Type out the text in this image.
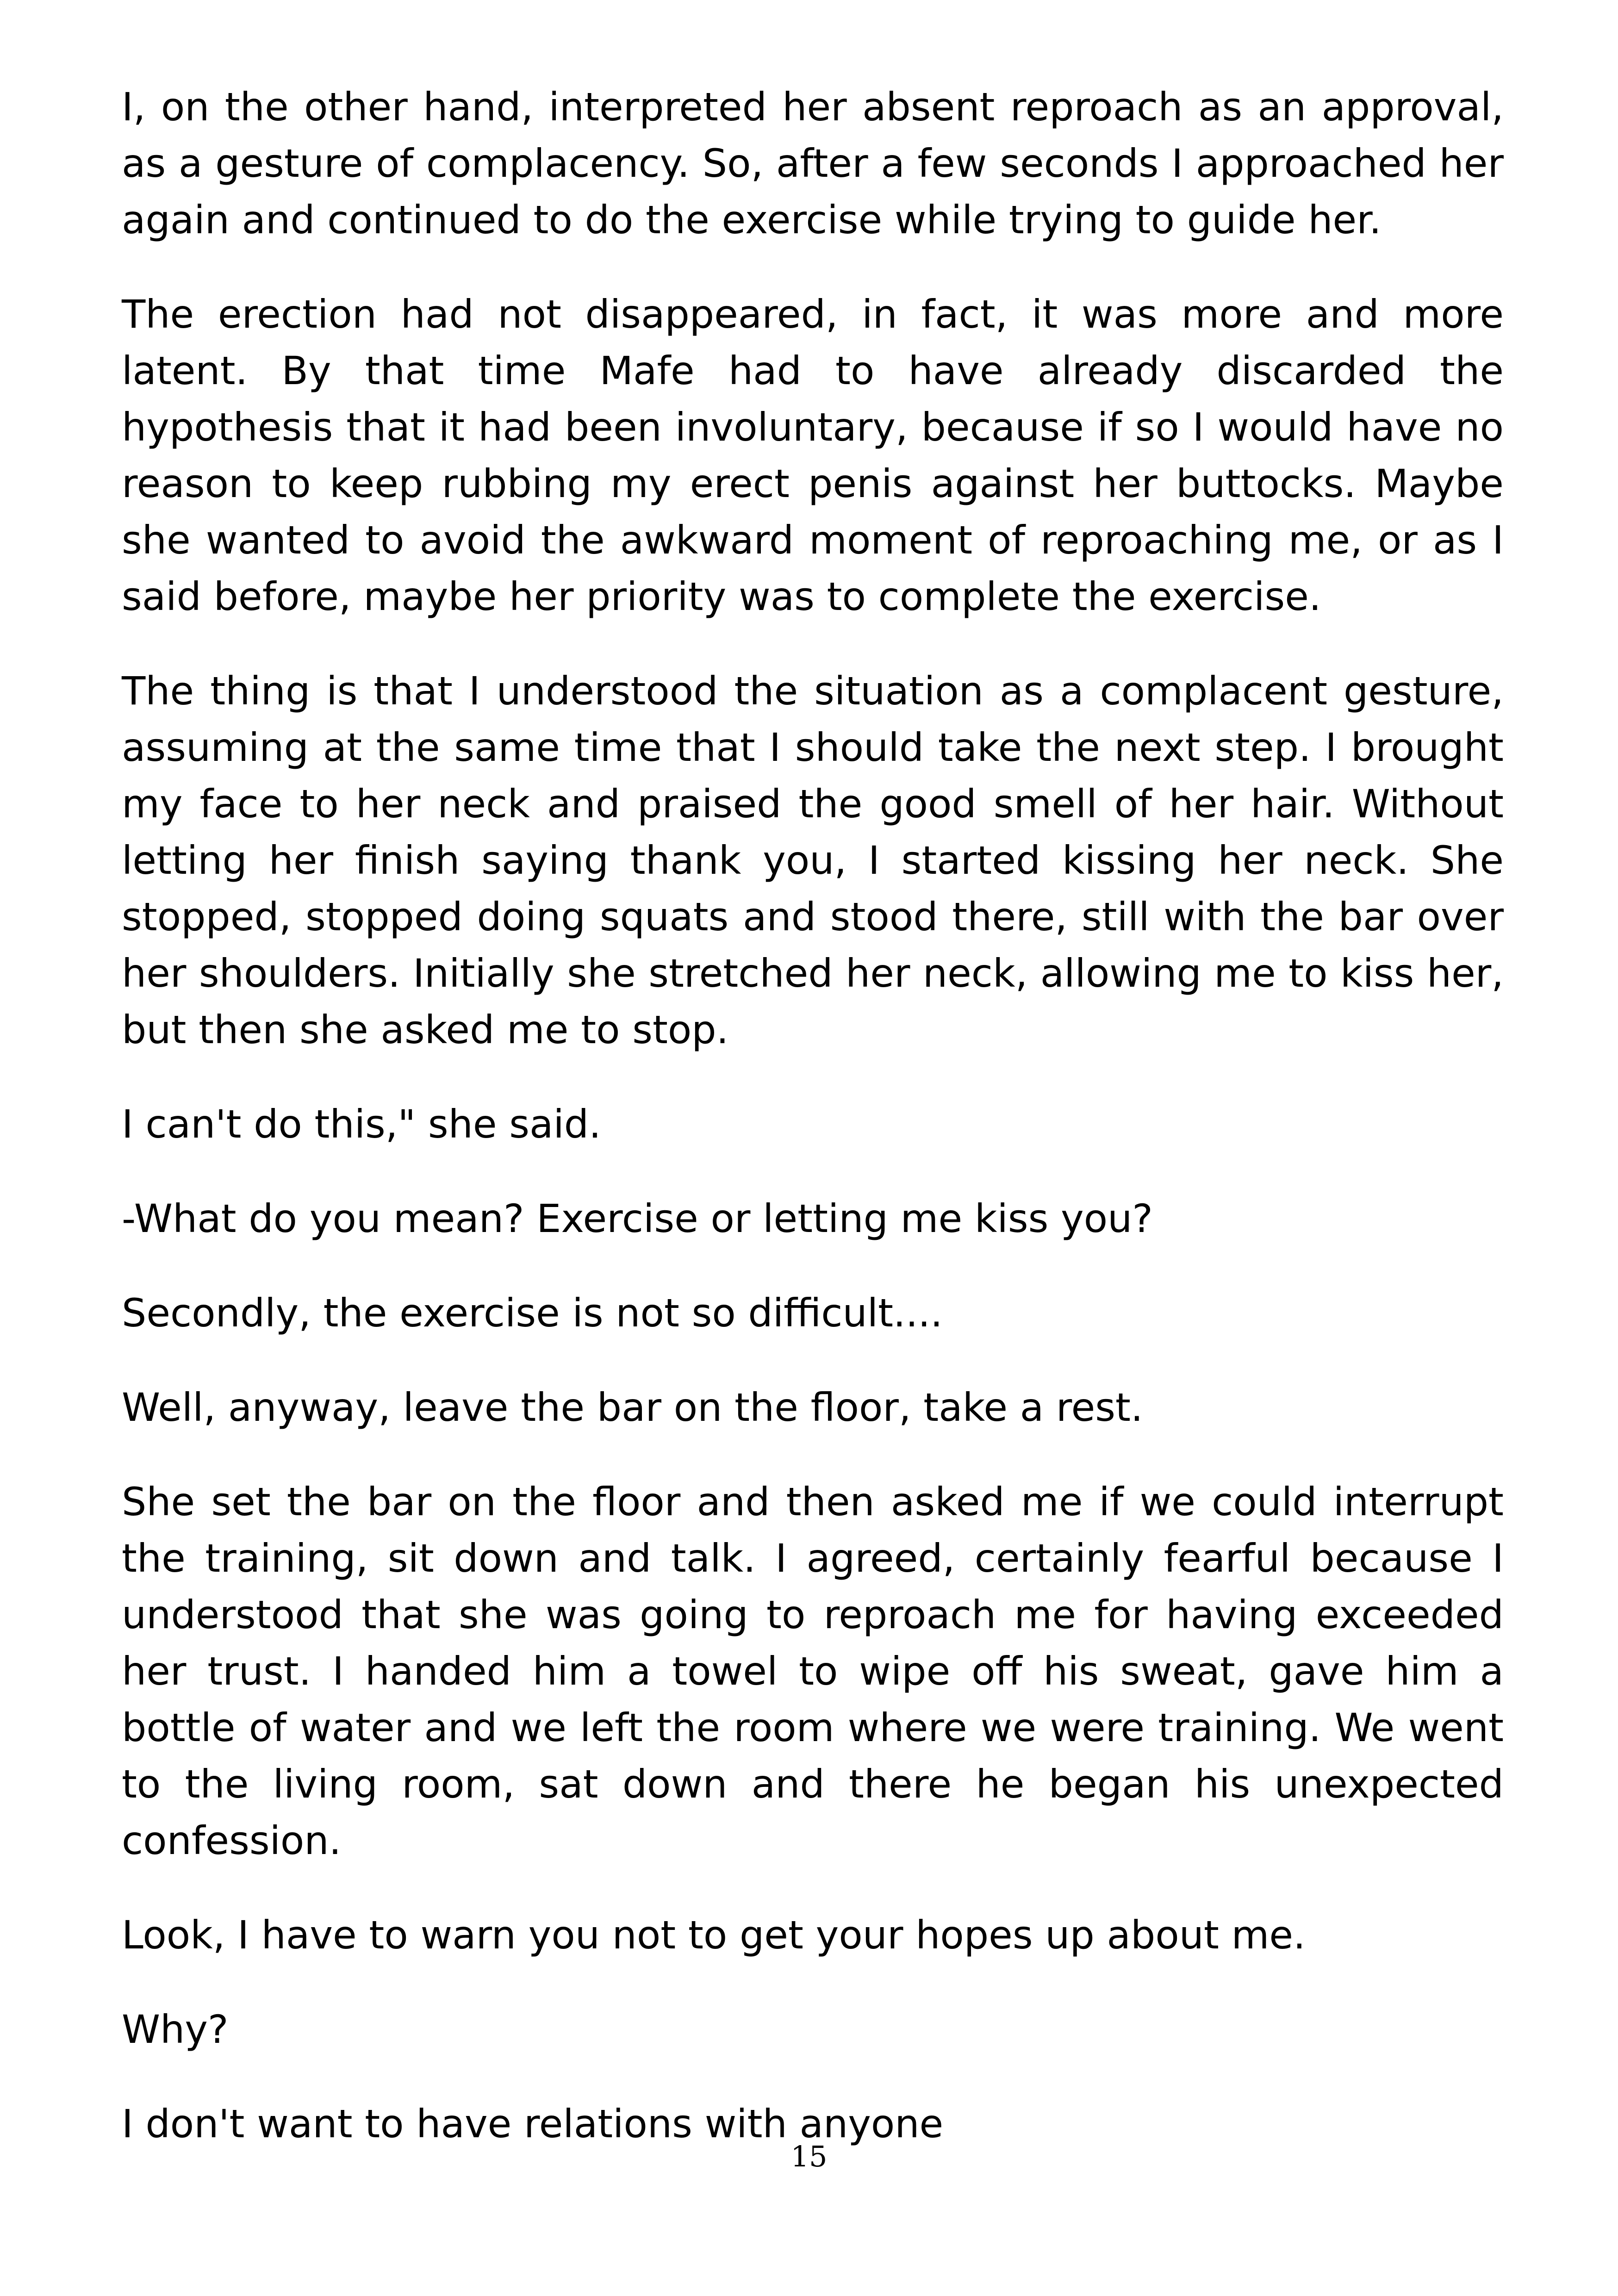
I, on the other hand, interpreted her absent reproach as an approval, as a gesture of complacency. So, after a few seconds I approached her again and continued to do the exercise while trying to guide her.

The erection had not disappeared, in fact, it was more and more latent. By that time Mafe had to have already discarded the hypothesis that it had been involuntary, because if so I would have no reason to keep rubbing my erect penis against her buttocks. Maybe she wanted to avoid the awkward moment of reproaching me, or as I said before, maybe her priority was to complete the exercise.

The thing is that I understood the situation as a complacent gesture, assuming at the same time that I should take the next step. I brought my face to her neck and praised the good smell of her hair. Without letting her finish saying thank you, I started kissing her neck. She stopped, stopped doing squats and stood there, still with the bar over her shoulders. Initially she stretched her neck, allowing me to kiss her, but then she asked me to stop.

I can't do this," she said.

-What do you mean? Exercise or letting me kiss you?

Secondly, the exercise is not so difficult....

Well, anyway, leave the bar on the floor, take a rest.

She set the bar on the floor and then asked me if we could interrupt the training, sit down and talk. I agreed, certainly fearful because I understood that she was going to reproach me for having exceeded her trust. I handed him a towel to wipe off his sweat, gave him a bottle of water and we left the room where we were training. We went to the living room, sat down and there he began his unexpected confession.

Look, I have to warn you not to get your hopes up about me.

Why?

I don't want to have relations with anyone

15
